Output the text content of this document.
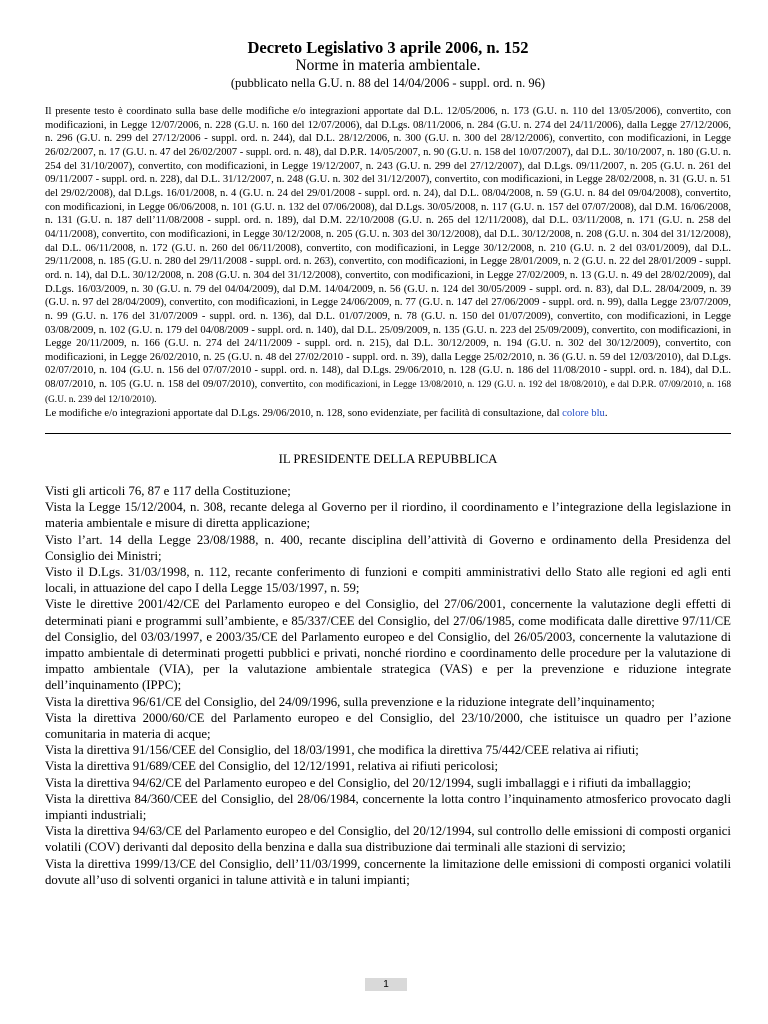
Decreto Legislativo 3 aprile 2006, n. 152

Norme in materia ambientale.

(pubblicato nella G.U. n. 88 del 14/04/2006 - suppl. ord. n. 96)

Il presente testo è coordinato sulla base delle modifiche e/o integrazioni apportate dal D.L. 12/05/2006, n. 173 (G.U. n. 110 del 13/05/2006), convertito, con modificazioni, in Legge 12/07/2006, n. 228 (G.U. n. 160 del 12/07/2006), dal D.Lgs. 08/11/2006, n. 284 (G.U. n. 274 del 24/11/2006), dalla Legge 27/12/2006, n. 296 (G.U. n. 299 del 27/12/2006 - suppl. ord. n. 244), dal D.L. 28/12/2006, n. 300 (G.U. n. 300 del 28/12/2006), convertito, con modificazioni, in Legge 26/02/2007, n. 17 (G.U. n. 47 del 26/02/2007 - suppl. ord. n. 48), dal D.P.R. 14/05/2007, n. 90 (G.U. n. 158 del 10/07/2007), dal D.L. 30/10/2007, n. 180 (G.U. n. 254 del 31/10/2007), convertito, con modificazioni, in Legge 19/12/2007, n. 243 (G.U. n. 299 del 27/12/2007), dal D.Lgs. 09/11/2007, n. 205 (G.U. n. 261 del 09/11/2007 - suppl. ord. n. 228), dal D.L. 31/12/2007, n. 248 (G.U. n. 302 del 31/12/2007), convertito, con modificazioni, in Legge 28/02/2008, n. 31 (G.U. n. 51 del 29/02/2008), dal D.Lgs. 16/01/2008, n. 4 (G.U. n. 24 del 29/01/2008 - suppl. ord. n. 24), dal D.L. 08/04/2008, n. 59 (G.U. n. 84 del 09/04/2008), convertito, con modificazioni, in Legge 06/06/2008, n. 101 (G.U. n. 132 del 07/06/2008), dal D.Lgs. 30/05/2008, n. 117 (G.U. n. 157 del 07/07/2008), dal D.M. 16/06/2008, n. 131 (G.U. n. 187 dell’11/08/2008 - suppl. ord. n. 189), dal D.M. 22/10/2008 (G.U. n. 265 del 12/11/2008), dal D.L. 03/11/2008, n. 171 (G.U. n. 258 del 04/11/2008), convertito, con modificazioni, in Legge 30/12/2008, n. 205 (G.U. n. 303 del 30/12/2008), dal D.L. 30/12/2008, n. 208 (G.U. n. 304 del 31/12/2008), dal D.L. 06/11/2008, n. 172 (G.U. n. 260 del 06/11/2008), convertito, con modificazioni, in Legge 30/12/2008, n. 210 (G.U. n. 2 del 03/01/2009), dal D.L. 29/11/2008, n. 185 (G.U. n. 280 del 29/11/2008 - suppl. ord. n. 263), convertito, con modificazioni, in Legge 28/01/2009, n. 2 (G.U. n. 22 del 28/01/2009 - suppl. ord. n. 14), dal D.L. 30/12/2008, n. 208 (G.U. n. 304 del 31/12/2008), convertito, con modificazioni, in Legge 27/02/2009, n. 13 (G.U. n. 49 del 28/02/2009), dal D.Lgs. 16/03/2009, n. 30 (G.U. n. 79 del 04/04/2009), dal D.M. 14/04/2009, n. 56 (G.U. n. 124 del 30/05/2009 - suppl. ord. n. 83), dal D.L. 28/04/2009, n. 39 (G.U. n. 97 del 28/04/2009), convertito, con modificazioni, in Legge 24/06/2009, n. 77 (G.U. n. 147 del 27/06/2009 - suppl. ord. n. 99), dalla Legge 23/07/2009, n. 99 (G.U. n. 176 del 31/07/2009 - suppl. ord. n. 136), dal D.L. 01/07/2009, n. 78 (G.U. n. 150 del 01/07/2009), convertito, con modificazioni, in Legge 03/08/2009, n. 102 (G.U. n. 179 del 04/08/2009 - suppl. ord. n. 140), dal D.L. 25/09/2009, n. 135 (G.U. n. 223 del 25/09/2009), convertito, con modificazioni, in Legge 20/11/2009, n. 166 (G.U. n. 274 del 24/11/2009 - suppl. ord. n. 215), dal D.L. 30/12/2009, n. 194 (G.U. n. 302 del 30/12/2009), convertito, con modificazioni, in Legge 26/02/2010, n. 25 (G.U. n. 48 del 27/02/2010 - suppl. ord. n. 39), dalla Legge 25/02/2010, n. 36 (G.U. n. 59 del 12/03/2010), dal D.Lgs. 02/07/2010, n. 104 (G.U. n. 156 del 07/07/2010 - suppl. ord. n. 148), dal D.Lgs. 29/06/2010, n. 128 (G.U. n. 186 del 11/08/2010 - suppl. ord. n. 184), dal D.L. 08/07/2010, n. 105 (G.U. n. 158 del 09/07/2010), convertito, con modificazioni, in Legge 13/08/2010, n. 129 (G.U. n. 192 del 18/08/2010), e dal D.P.R. 07/09/2010, n. 168 (G.U. n. 239 del 12/10/2010).

Le modifiche e/o integrazioni apportate dal D.Lgs. 29/06/2010, n. 128, sono evidenziate, per facilità di consultazione, dal colore blu.

IL PRESIDENTE DELLA REPUBBLICA

Visti gli articoli 76, 87 e 117 della Costituzione;

Vista la Legge 15/12/2004, n. 308, recante delega al Governo per il riordino, il coordinamento e l’integrazione della legislazione in materia ambientale e misure di diretta applicazione;

Visto l’art. 14 della Legge 23/08/1988, n. 400, recante disciplina dell’attività di Governo e ordinamento della Presidenza del Consiglio dei Ministri;

Visto il D.Lgs. 31/03/1998, n. 112, recante conferimento di funzioni e compiti amministrativi dello Stato alle regioni ed agli enti locali, in attuazione del capo I della Legge 15/03/1997, n. 59;

Viste le direttive 2001/42/CE del Parlamento europeo e del Consiglio, del 27/06/2001, concernente la valutazione degli effetti di determinati piani e programmi sull’ambiente, e 85/337/CEE del Consiglio, del 27/06/1985, come modificata dalle direttive 97/11/CE del Consiglio, del 03/03/1997, e 2003/35/CE del Parlamento europeo e del Consiglio, del 26/05/2003, concernente la valutazione di impatto ambientale di determinati progetti pubblici e privati, nonché riordino e coordinamento delle procedure per la valutazione di impatto ambientale (VIA), per la valutazione ambientale strategica (VAS) e per la prevenzione e riduzione integrate dell’inquinamento (IPPC);

Vista la direttiva 96/61/CE del Consiglio, del 24/09/1996, sulla prevenzione e la riduzione integrate dell’inquinamento;

Vista la direttiva 2000/60/CE del Parlamento europeo e del Consiglio, del 23/10/2000, che istituisce un quadro per l’azione comunitaria in materia di acque;

Vista la direttiva 91/156/CEE del Consiglio, del 18/03/1991, che modifica la direttiva 75/442/CEE relativa ai rifiuti;

Vista la direttiva 91/689/CEE del Consiglio, del 12/12/1991, relativa ai rifiuti pericolosi;

Vista la direttiva 94/62/CE del Parlamento europeo e del Consiglio, del 20/12/1994, sugli imballaggi e i rifiuti da imballaggio;

Vista la direttiva 84/360/CEE del Consiglio, del 28/06/1984, concernente la lotta contro l’inquinamento atmosferico provocato dagli impianti industriali;

Vista la direttiva 94/63/CE del Parlamento europeo e del Consiglio, del 20/12/1994, sul controllo delle emissioni di composti organici volatili (COV) derivanti dal deposito della benzina e dalla sua distribuzione dai terminali alle stazioni di servizio;

Vista la direttiva 1999/13/CE del Consiglio, dell’11/03/1999, concernente la limitazione delle emissioni di composti organici volatili dovute all’uso di solventi organici in talune attività e in taluni impianti;

1
